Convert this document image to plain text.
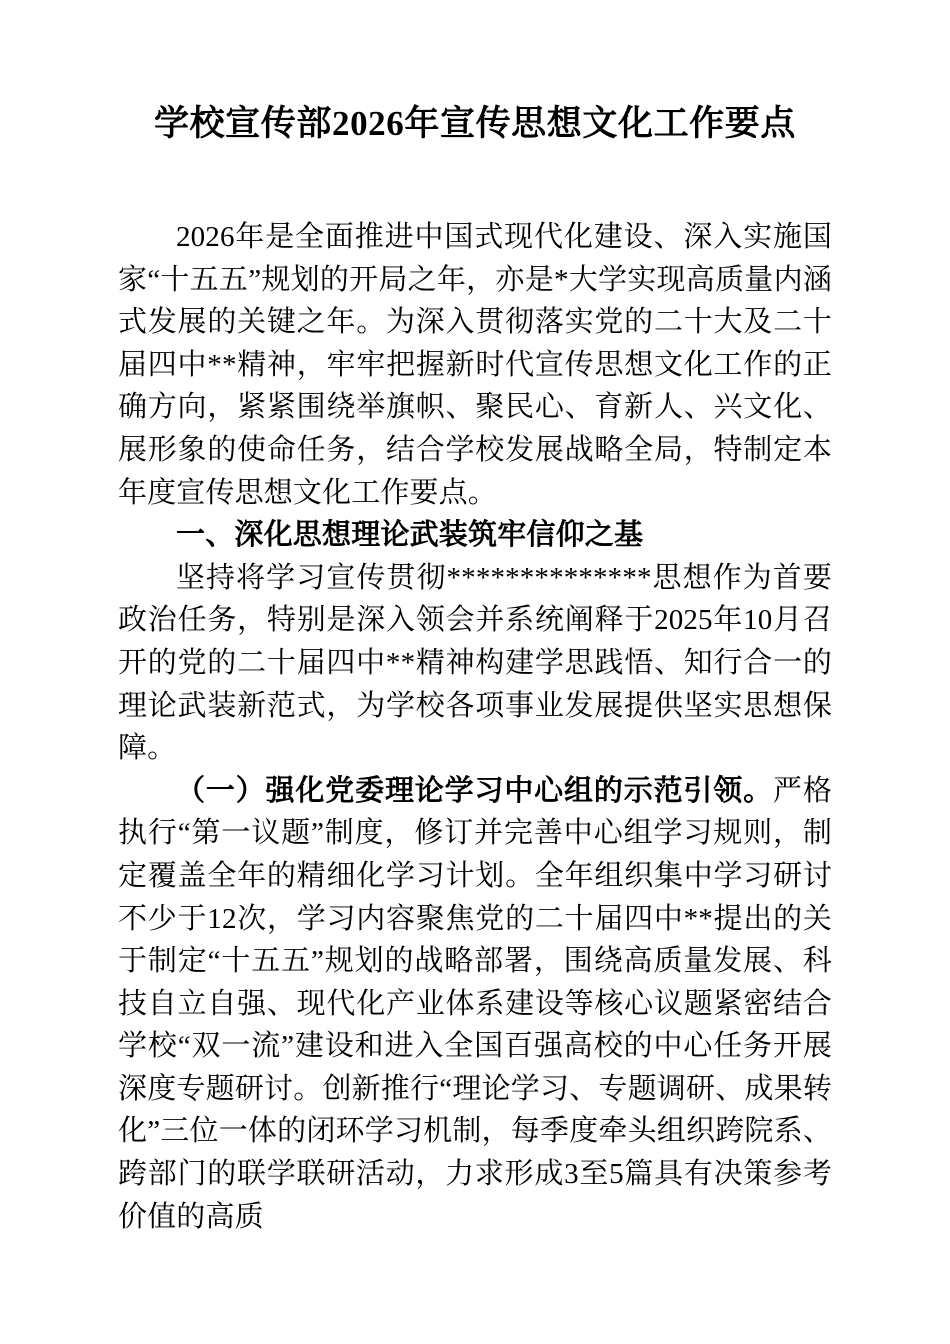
学校宣传部2026年宣传思想文化工作要点

2026年是全面推进中国式现代化建设、深入实施国家“十五五”规划的开局之年，亦是*大学实现高质量内涵式发展的关键之年。为深入贯彻落实党的二十大及二十届四中**精神，牢牢把握新时代宣传思想文化工作的正确方向，紧紧围绕举旗帜、聚民心、育新人、兴文化、展形象的使命任务，结合学校发展战略全局，特制定本年度宣传思想文化工作要点。

一、深化思想理论武装筑牢信仰之基

坚持将学习宣传贯彻**************思想作为首要政治任务，特别是深入领会并系统阐释于2025年10月召开的党的二十届四中**精神构建学思践悟、知行合一的理论武装新范式，为学校各项事业发展提供坚实思想保障。

（一）强化党委理论学习中心组的示范引领。严格执行“第一议题”制度，修订并完善中心组学习规则，制定覆盖全年的精细化学习计划。全年组织集中学习研讨不少于12次，学习内容聚焦党的二十届四中**提出的关于制定“十五五”规划的战略部署，围绕高质量发展、科技自立自强、现代化产业体系建设等核心议题紧密结合学校“双一流”建设和进入全国百强高校的中心任务开展深度专题研讨。创新推行“理论学习、专题调研、成果转化”三位一体的闭环学习机制，每季度牵头组织跨院系、跨部门的联学联研活动，力求形成3至5篇具有决策参考价值的高质
